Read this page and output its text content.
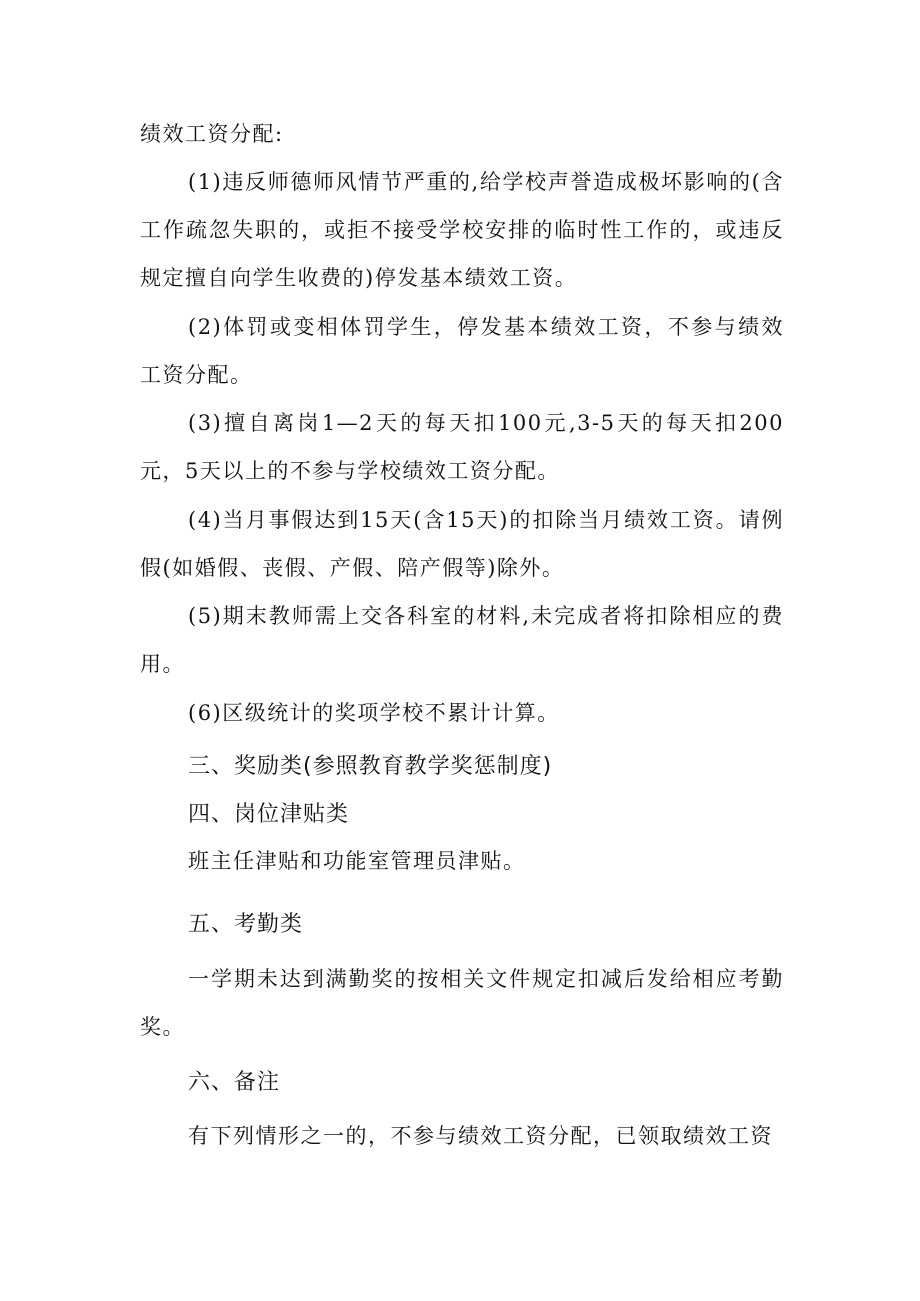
绩效工资分配:

(1)违反师德师风情节严重的,给学校声誉造成极坏影响的(含工作疏忽失职的，或拒不接受学校安排的临时性工作的，或违反规定擅自向学生收费的)停发基本绩效工资。

(2)体罚或变相体罚学生，停发基本绩效工资，不参与绩效工资分配。

(3)擅自离岗1—2天的每天扣100元,3-5天的每天扣200元，5天以上的不参与学校绩效工资分配。

(4)当月事假达到15天(含15天)的扣除当月绩效工资。请例假(如婚假、丧假、产假、陪产假等)除外。

(5)期末教师需上交各科室的材料,未完成者将扣除相应的费用。

(6)区级统计的奖项学校不累计计算。

三、奖励类(参照教育教学奖惩制度)
四、岗位津贴类

班主任津贴和功能室管理员津贴。

五、考勤类

一学期未达到满勤奖的按相关文件规定扣减后发给相应考勤奖。

六、备注

有下列情形之一的，不参与绩效工资分配，已领取绩效工资
